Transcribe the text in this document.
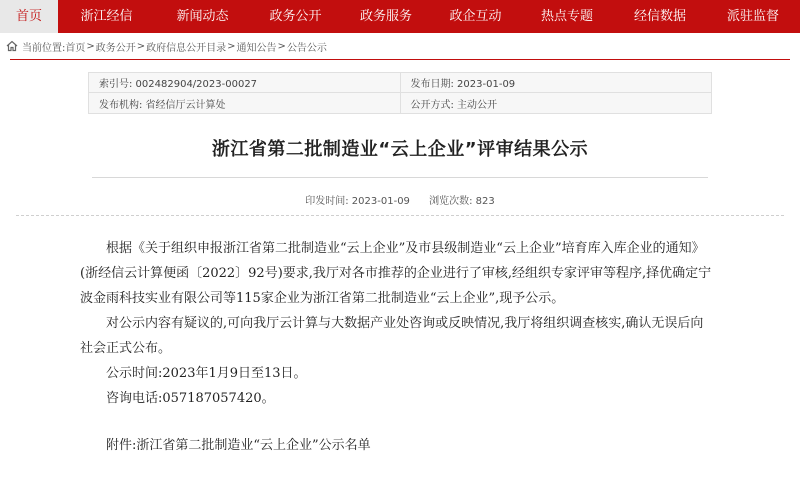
首页	浙江经信	新闻动态	政务公开	政务服务	政企互动	热点专题	经信数据	派驻监督
当前位置: 首页 > 政务公开 > 政府信息公开目录 > 通知公告 > 公告公示
索引号: 002482904/2023-00027	发布日期: 2023-01-09
发布机构: 省经信厅云计算处	公开方式: 主动公开
浙江省第二批制造业“云上企业”评审结果公示
印发时间: 2023-01-09 浏览次数: 823

根据《关于组织申报浙江省第二批制造业“云上企业”及市县级制造业“云上企业”培育库入库企业的通知》(浙经信云计算便函〔2022〕92号)要求,我厅对各市推荐的企业进行了审核,经组织专家评审等程序,择优确定宁波金雨科技实业有限公司等115家企业为浙江省第二批制造业“云上企业”,现予公示。

对公示内容有疑议的,可向我厅云计算与大数据产业处咨询或反映情况,我厅将组织调查核实,确认无误后向社会正式公布。

公示时间:2023年1月9日至13日。

咨询电话:057187057420。

附件:浙江省第二批制造业“云上企业”公示名单
